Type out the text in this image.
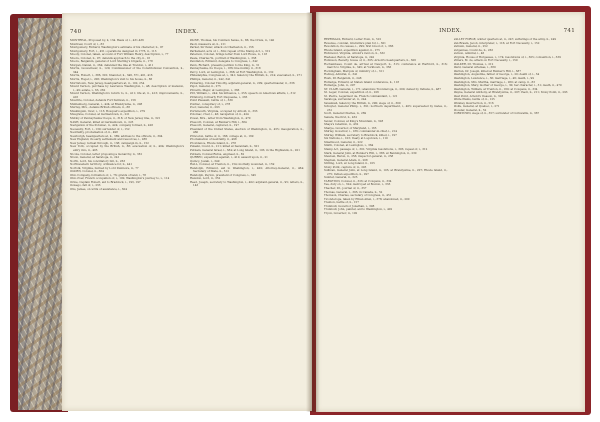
740	INDEX.

MONTREAL, Proposed by, ii, 134. Basis of, i., 431-436

Montreal, Court of, i., 83

Montgomery, Richard, Washington's estimate of his character, ii., 97

Montgomery, Fort, i., 451; operations designed in 1776, ii., 113

Moody, Colonel, taken, account of Fort William Henry, description, i., 77

Moore, Colonel, ii., 97; defends approach to the city, ii., 16

Moore, Benjamin, general of Lord Sterling's brigade, ii., 178

Morgan, Daniel, ii., 264; defended the line at Trenton, i., 411

Morris, Gouverneur, ii., 120; Commissioner of the Constitutional Convention, ii., 344

Morris, Robert, i., 386, 391; financier, ii., 346, 371, 401, 416

Morris, Roger, i., 206; Washington's visit to his house, ii., 86

Morristown, New Jersey, headquarters at, ii., 102, 254

Mount Vernon, purchase by Lawrence Washington, i., 48; description of mansion, i., 49; estate, i., 63, 262

Mount Vernon, Washington's return to, ii., 411; life at, ii., 413; improvements, ii., 416

Moultrie, Colonel, defends Fort Sullivan, ii., 156

Muhlenberg, General, i., 424; at Brandywine, ii., 208

Murray, Mrs., detains British officers, ii., 88

Muskingum, river, i., 113; Bouquet's expedition, i., 279

Musgrave, Colonel, at Germantown, ii., 221

Mutiny of Pennsylvania troops, ii., 318; of New Jersey line, ii., 321

NASH, General, killed at Germantown, ii., 223

Navigation of the Potomac, ii., 424; company formed, ii., 426

Necessity, Fort, i., 139; surrender of, i., 152

Neutrality, proclamation of, ii., 498

Newburgh, headquarters at, ii., 389; address to the officers, ii., 394

New England, its early settlement and resources, i., 286

New Jersey, retreat through, ii., 138; campaign in, ii., 152

New York, occupied by the British, ii., 88; evacuation of, ii., 404; Washington's entry into, ii., 405

Nicola, Colonel, letter proposing a monarchy, ii., 381

Nixon, General, at Saratoga, ii., 241

North, Lord, his conciliatory bill, ii., 263

Northwestern territory, ordinance for, ii., 441

Norfolk, Virginia, burned by Lord Dunmore, ii., 77

OGDEN, Colonel, ii., 364

Ohio Company, formation of, i., 76; grants of land, i., 78

Ohio river, French occupation of, i., 102; Washington's journey to, i., 114

Orme, Captain Robert, aid to Braddock, i., 193, 197

Oswego, fall of, i., 233

Otis, James, on writs of assistance, i., 304

PAINE, Thomas, his Common Sense, ii., 86; the Crisis, ii., 140

Paoli, massacre at, ii., 211

Parker, Sir Peter, attack on Charleston, ii., 156

Parliament, acts of, i., 304; repeal of the Stamp Act, i., 312

Paterson, Colonel, brings letter from Lord Howe, ii., 118

Peale, Charles W., portrait of Washington, i., 338

Pendleton, Edmund, delegate to Congress, i., 342

Penn, Richard, presents petition to the King, ii., 31

Pennsylvania, its troops, i., 186; line mutiny, ii., 318

Percy, Lord, at Lexington, i., 368; at Fort Washington, ii., 132

Philadelphia, Congress at, i., 341; taken by the British, ii., 214; evacuated, ii., 271

Phillips, General, ii., 242, 341

Pickering, Colonel Timothy, adjutant-general, ii., 209; quartermaster, ii., 336

Pigot, General, ii., 275

Pitcairn, Major, at Lexington, i., 366

Pitt, William, i., 244; his influence, i., 253; speech on American affairs, i., 312

Pittsburg, formerly Fort Duquesne, i., 265

Point Pleasant, battle of, i., 330

Pontiac, conspiracy of, i., 278

Poor, General, ii., 293

Portsmouth, Virginia, occupied by Arnold, ii., 333

Potomac, river, i., 46; navigation of, ii., 424

Powel, Mrs., letter from Washington, ii., 470

Prescott, Colonel, at Bunker's Hill, i., 384

Prescott, General, captured, ii., 197

President of the United States, election of Washington, ii., 455; inauguration, ii., 460

Princeton, battle of, ii., 166; college at, ii., 169

Proclamation of neutrality, ii., 498

Providence, Rhode Island, ii., 278

Pulaski, Count, ii., 211; killed at Savannah, ii., 301

Putnam, General Israel, i., 384; at Long Island, ii., 105; in the Highlands, ii., 201

Putnam, Colonel Rufus, engineer, ii., 82

QUEBEC, expedition against, i., 412; assault upon, ii., 21

Quincy, Josiah, i., 349

RALL, Colonel, at Trenton, ii., 154; mortally wounded, ii., 159

Randolph, Edmund, aid to Washington, i., 402; Attorney-General, ii., 464; Secretary of State, ii., 512

Randolph, Peyton, president of Congress, i., 345

Rawdon, Lord, ii., 352

Reed, Joseph, secretary to Washington, i., 402; adjutant-general, ii., 95; letters, ii., 143

INDEX.	741

REPRISALS, Richard, Letter from, ii., 501

Revenue, colonial, Grenville's plan for, i., 301

Revolution, its causes, i., 299; first blood of, i., 366

Rhode Island, expedition against, ii., 275

Richmond, Virginia, Arnold's raid on, ii., 332

Riedesel, Baron, at Saratoga, ii., 242

Robinson, Beverly, house of, ii., 305; Arnold's headquarters, ii., 306

Rochambeau, Count de, arrival at Newport, ii., 315; conference at Hartford, ii., 316; march to Virginia, ii., 345; at Yorktown, ii., 356

Rockingham, Marquis of, ministry of, i., 311

Rodney, Admiral, ii., 341

Rush, Dr. Benjamin, ii., 248

Rutledge, Edward, at Staten Island conference, ii., 118

Rutledge, John, ii., 297

ST. CLAIR, General, i., 171; abandons Ticonderoga, ii., 200; defeat by Indians, ii., 487

St. Leger, Colonel, expedition of, ii., 226

St. Pierre, Legardeur de, French commandant, i., 121

Saratoga, surrender at, ii., 244

Savannah, taken by the British, ii., 290; siege of, ii., 300

Schuyler, General Philip, i., 391; northern department, i., 405; superseded by Gates, ii., 231

Scott, General Charles, ii., 269

Senate, the first, ii., 452

Sevier, Colonel, at King's Mountain, ii., 328

Shays's rebellion, ii., 432

Sharpe, Governor, of Maryland, i., 165

Shirley, Governor, i., 186; commander-in-chief, i., 214

Shirley, William, secretary to Braddock, killed, i., 197

Six Nations, i., 103; treaty at Logstown, i., 110

Smallwood, General, ii., 222

Smith, Colonel, at Lexington, i., 364

Stamp Act, passage of, i., 301; Virginia resolutions, i., 305; repeal of, i., 312

Stark, General John, at Bunker's Hill, i., 385; at Bennington, ii., 230

Steuben, Baron, ii., 256; inspector-general, ii., 258

Stephen, General Adam, ii., 208

Stirling, Lord, at Long Island, ii., 105

Stony Point, capture of, ii., 293

Sullivan, General John, at Long Island, ii., 105; at Brandywine, ii., 207; Rhode Island, ii., 275; Indian expedition, ii., 297

Sumter, General, ii., 325

TARLETON, Colonel, ii., 326; at Cowpens, ii., 334

Tea, duty on, i., 324; destroyed at Boston, i., 333

Thacher, Dr., journal of, ii., 357

Thomas, General, i., 395; in Canada, ii., 52

Thomson, Charles, secretary of Congress, ii., 451

Ticonderoga, taken by Ethan Allen, i., 378; abandoned, ii., 200

Trenton, battle of, ii., 157

Trumbull, Governor Jonathan, i., 398

Trumbull, John, painter, aid to Washington, i., 402

Tryon, Governor, ii., 192

VALLEY FORGE, winter quarters at, ii., 247; sufferings of the army, ii., 249

Van Braam, Jacob, interpreter, i., 116; at Fort Necessity, i., 152

Varnum, General, ii., 252

Vergennes, Count de, ii., 263

Vernon, Admiral, i., 46

Virginia, House of Burgesses, i., 174; resolutions of, i., 305; convention, i., 339

Villiers, M. de, attack on Fort Necessity, i., 150

WALKER, Dr. Thomas, i., 212

Ward, General Artemas, i., 380

Warren, Dr. Joseph, killed at Bunker's Hill, i., 387

Washington, Augustine, father of George, i., 20; death of, i., 34

Washington, Lawrence, i., 36; marriage, i., 46; death, i., 99

Washington, Mrs. Martha, marriage, i., 260; at camp, ii., 83

Washington, Mary, mother of George, i., 30; her character, i., 31; death, ii., 470

Washington, William, at Trenton, ii., 160; at Cowpens, ii., 334

Wayne, General Anthony, at Brandywine, ii., 207; Paoli, ii., 211; Stony Point, ii., 293

West Point, Arnold's treason, ii., 303

White Plains, battle of, ii., 125

Whiskey insurrection, ii., 516

Wolfe, General, at Quebec, i., 271

Wooster, General, ii., 52

YORKTOWN, siege of, ii., 357; surrender of Cornwallis, ii., 367
